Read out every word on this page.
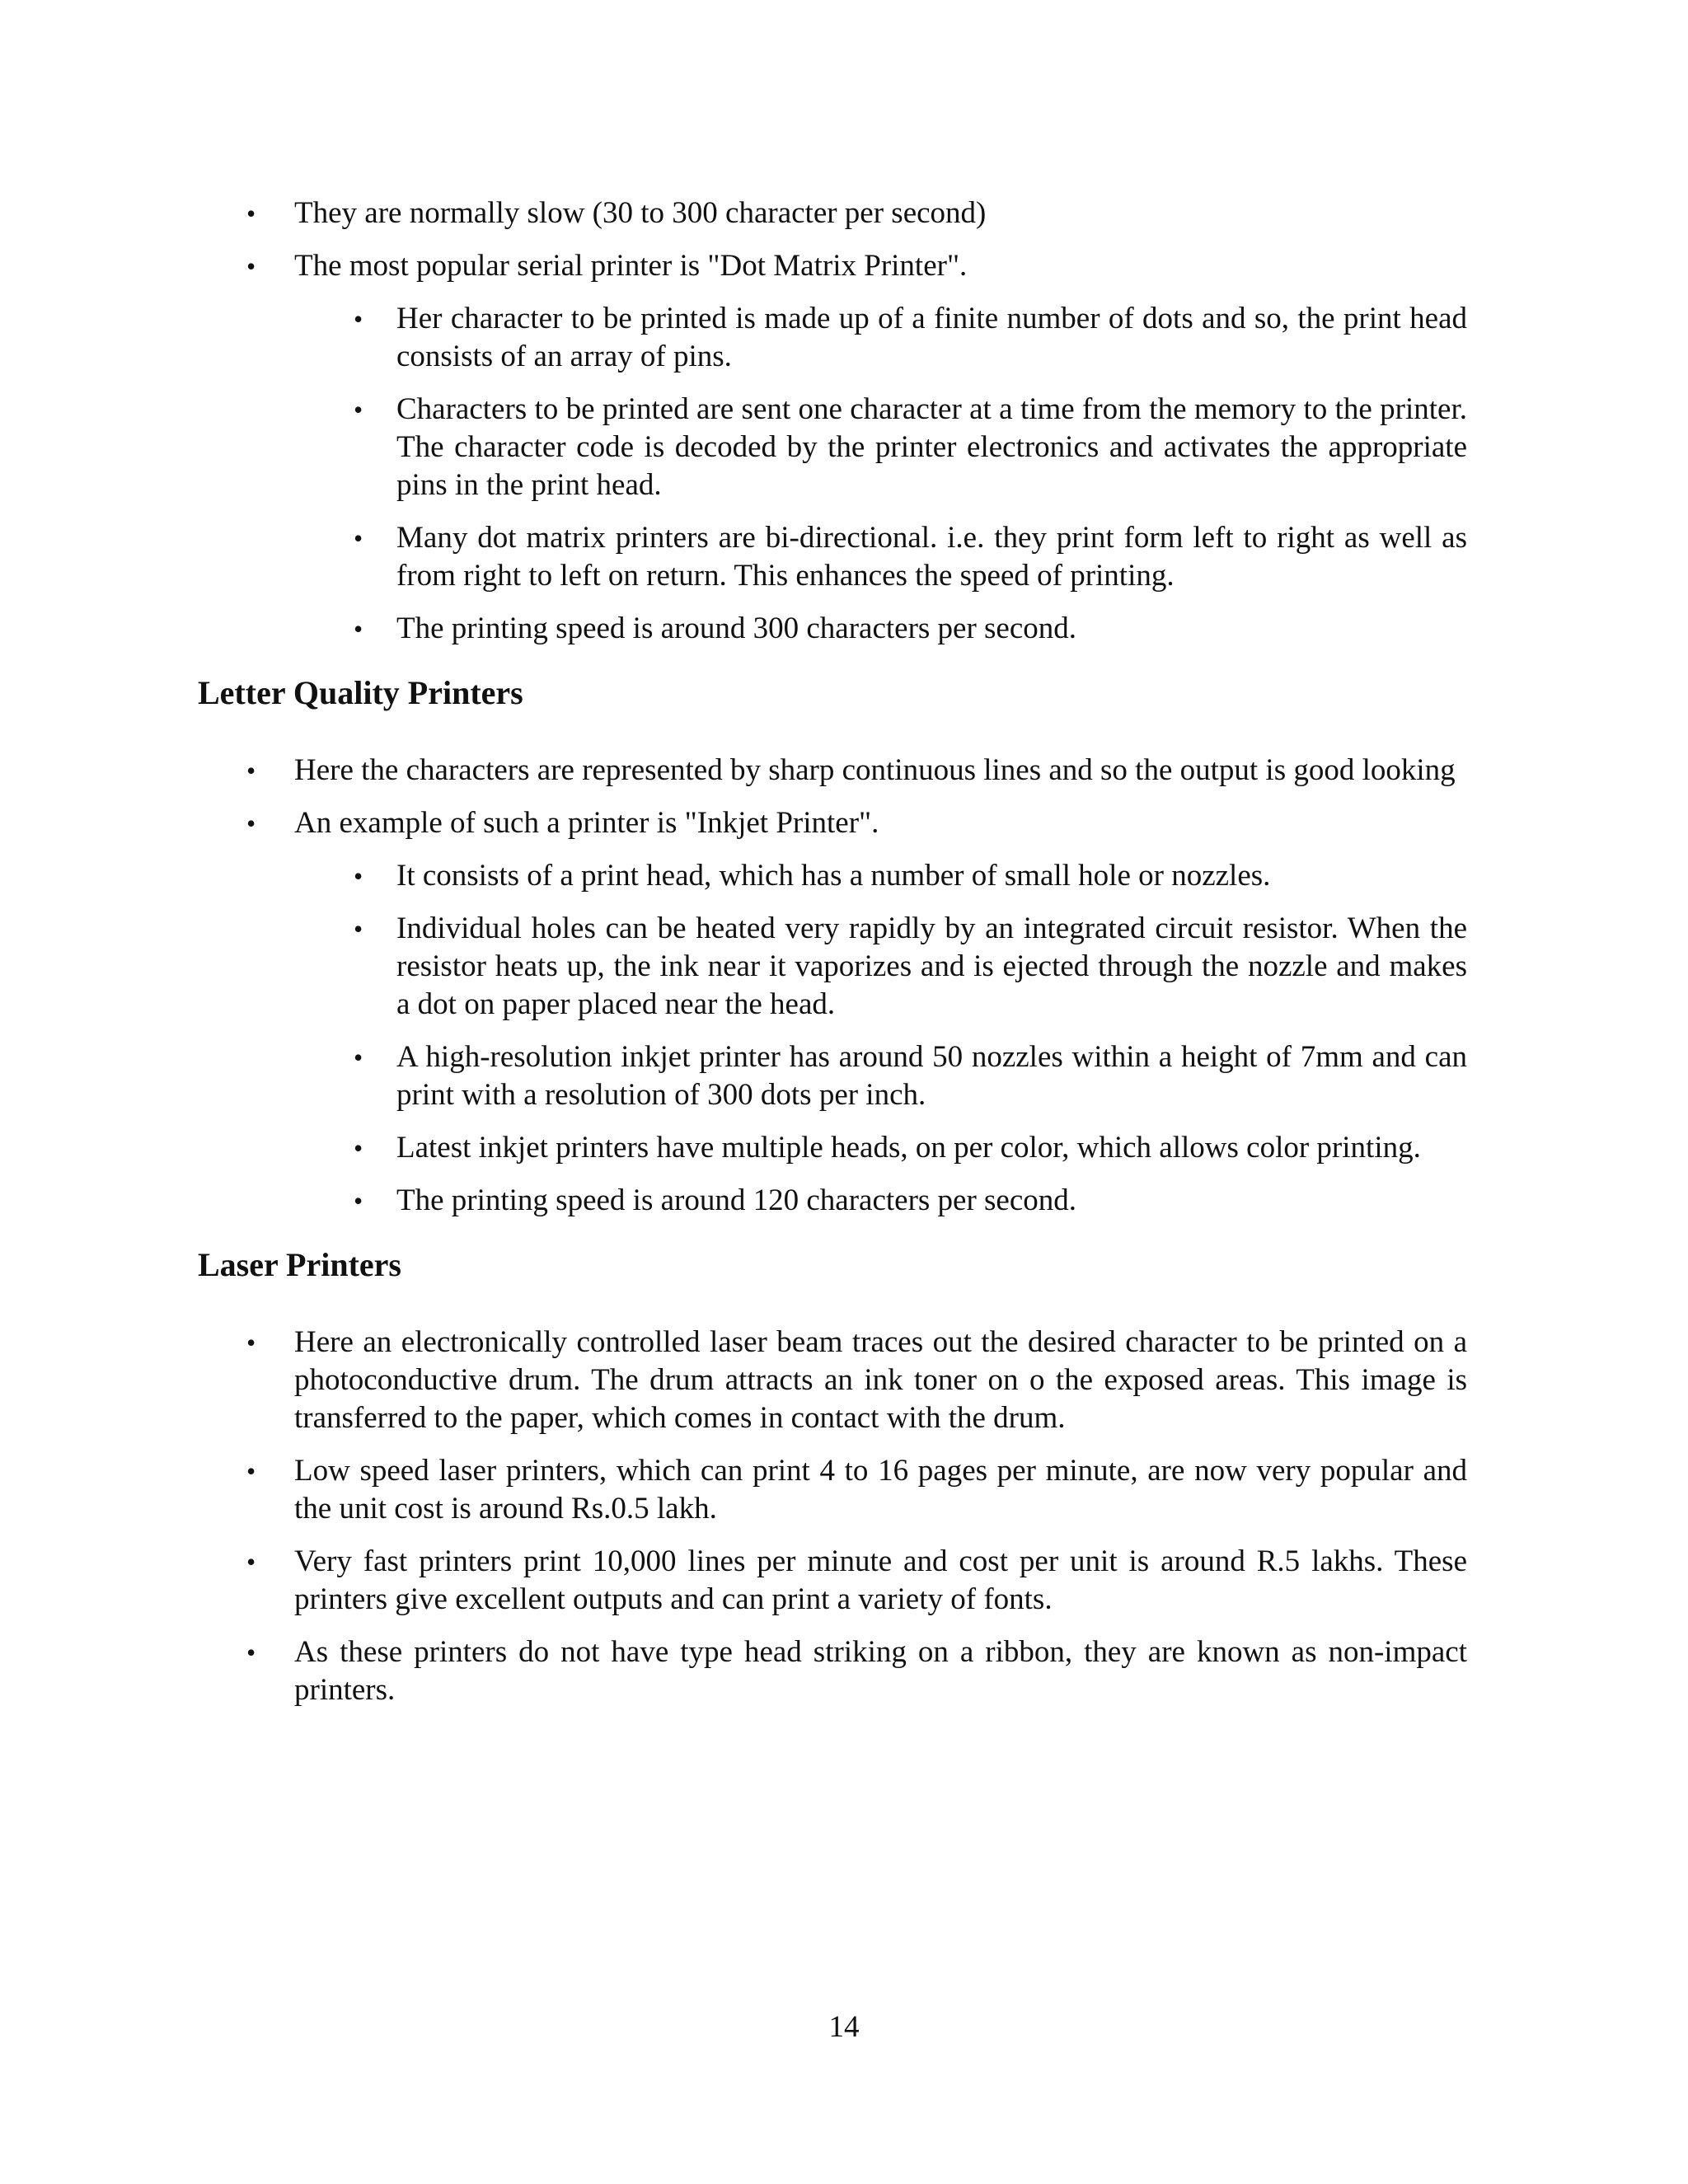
• They are normally slow (30 to 300 character per second)
• The most popular serial printer is "Dot Matrix Printer".
• Her character to be printed is made up of a finite number of dots and so, the print head consists of an array of pins.
• Characters to be printed are sent one character at a time from the memory to the printer. The character code is decoded by the printer electronics and activates the appropriate pins in the print head.
• Many dot matrix printers are bi-directional. i.e. they print form left to right as well as from right to left on return. This enhances the speed of printing.
• The printing speed is around 300 characters per second.
Letter Quality Printers
• Here the characters are represented by sharp continuous lines and so the output is good looking
• An example of such a printer is "Inkjet Printer".
• It consists of a print head, which has a number of small hole or nozzles.
• Individual holes can be heated very rapidly by an integrated circuit resistor. When the resistor heats up, the ink near it vaporizes and is ejected through the nozzle and makes a dot on paper placed near the head.
• A high-resolution inkjet printer has around 50 nozzles within a height of 7mm and can print with a resolution of 300 dots per inch.
• Latest inkjet printers have multiple heads, on per color, which allows color printing.
• The printing speed is around 120 characters per second.
Laser Printers
• Here an electronically controlled laser beam traces out the desired character to be printed on a photoconductive drum. The drum attracts an ink toner on o the exposed areas. This image is transferred to the paper, which comes in contact with the drum.
• Low speed laser printers, which can print 4 to 16 pages per minute, are now very popular and the unit cost is around Rs.0.5 lakh.
• Very fast printers print 10,000 lines per minute and cost per unit is around R.5 lakhs. These printers give excellent outputs and can print a variety of fonts.
• As these printers do not have type head striking on a ribbon, they are known as non-impact printers.
14
